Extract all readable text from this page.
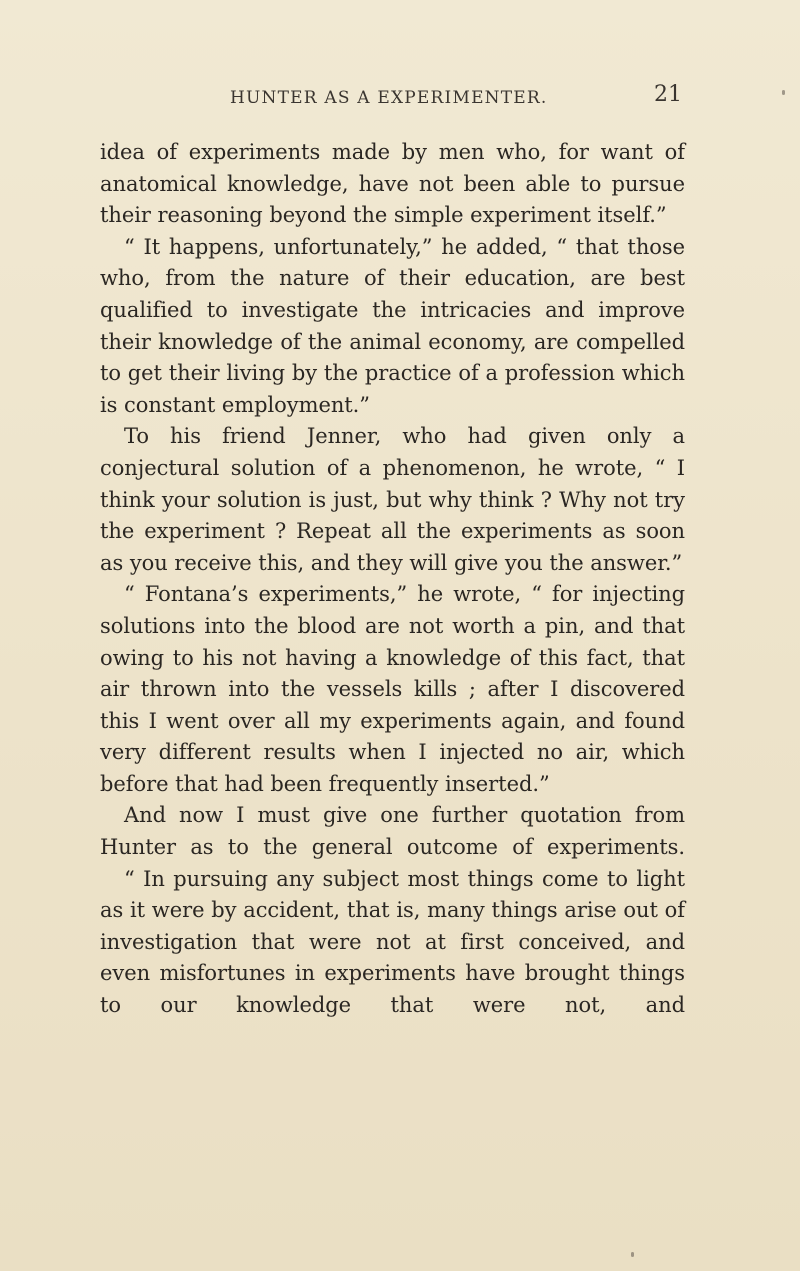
HUNTER AS A EXPERIMENTER.	21

idea of experiments made by men who, for want of anatomical knowledge, have not been able to pursue their reasoning beyond the simple experiment itself.”

“ It happens, unfortunately,” he added, “ that those who, from the nature of their education, are best qualified to investigate the intricacies and improve their knowledge of the animal economy, are compelled to get their living by the practice of a profession which is constant employment.”

To his friend Jenner, who had given only a conjectural solution of a phenomenon, he wrote, “ I think your solution is just, but why think ? Why not try the experiment ? Repeat all the experiments as soon as you receive this, and they will give you the answer.”

“ Fontana’s experiments,” he wrote, “ for injecting solutions into the blood are not worth a pin, and that owing to his not having a knowledge of this fact, that air thrown into the vessels kills ; after I discovered this I went over all my experiments again, and found very different results when I injected no air, which before that had been frequently inserted.”

And now I must give one further quotation from Hunter as to the general outcome of experiments.

“ In pursuing any subject most things come to light as it were by accident, that is, many things arise out of investigation that were not at first conceived, and even misfortunes in experiments have brought things to our knowledge that were not, and
